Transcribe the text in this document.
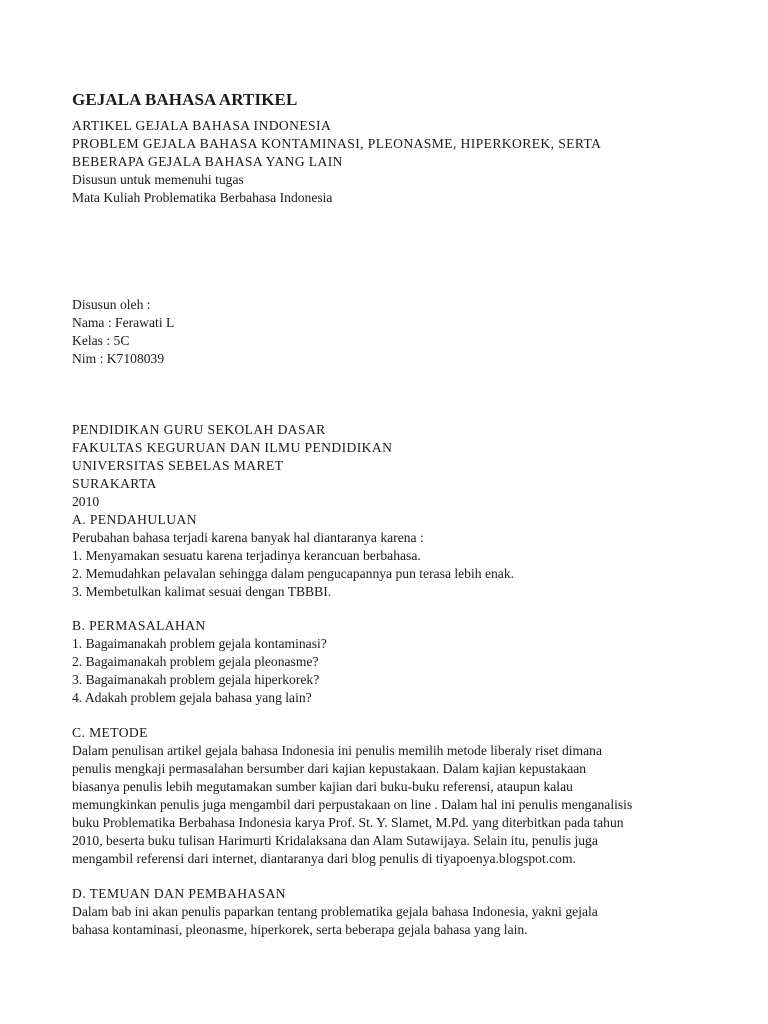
GEJALA BAHASA ARTIKEL
ARTIKEL GEJALA BAHASA INDONESIA
PROBLEM GEJALA BAHASA KONTAMINASI, PLEONASME, HIPERKOREK, SERTA
BEBERAPA GEJALA BAHASA YANG LAIN
Disusun untuk memenuhi tugas
Mata Kuliah Problematika Berbahasa Indonesia
Disusun oleh :
Nama : Ferawati L
Kelas : 5C
Nim : K7108039
PENDIDIKAN GURU SEKOLAH DASAR
FAKULTAS KEGURUAN DAN ILMU PENDIDIKAN
UNIVERSITAS SEBELAS MARET
SURAKARTA
2010
A. PENDAHULUAN
Perubahan bahasa terjadi karena banyak hal diantaranya karena :
1. Menyamakan sesuatu karena terjadinya kerancuan berbahasa.
2. Memudahkan pelavalan sehingga dalam pengucapannya pun terasa lebih enak.
3. Membetulkan kalimat sesuai dengan TBBBI.
B. PERMASALAHAN
1. Bagaimanakah problem gejala kontaminasi?
2. Bagaimanakah problem gejala pleonasme?
3. Bagaimanakah problem gejala hiperkorek?
4. Adakah problem gejala bahasa yang lain?
C. METODE
Dalam penulisan artikel gejala bahasa Indonesia ini penulis memilih metode liberaly riset dimana
penulis mengkaji permasalahan bersumber dari kajian kepustakaan. Dalam kajian kepustakaan
biasanya penulis lebih megutamakan sumber kajian dari buku-buku referensi, ataupun kalau
memungkinkan penulis juga mengambil dari perpustakaan on line . Dalam hal ini penulis menganalisis
buku Problematika Berbahasa Indonesia karya Prof. St. Y. Slamet, M.Pd. yang diterbitkan pada tahun
2010, beserta buku tulisan Harimurti Kridalaksana dan Alam Sutawijaya. Selain itu, penulis juga
mengambil referensi dari internet, diantaranya dari blog penulis di tiyapoenya.blogspot.com.
D. TEMUAN DAN PEMBAHASAN
Dalam bab ini akan penulis paparkan tentang problematika gejala bahasa Indonesia, yakni gejala
bahasa kontaminasi, pleonasme, hiperkorek, serta beberapa gejala bahasa yang lain.
